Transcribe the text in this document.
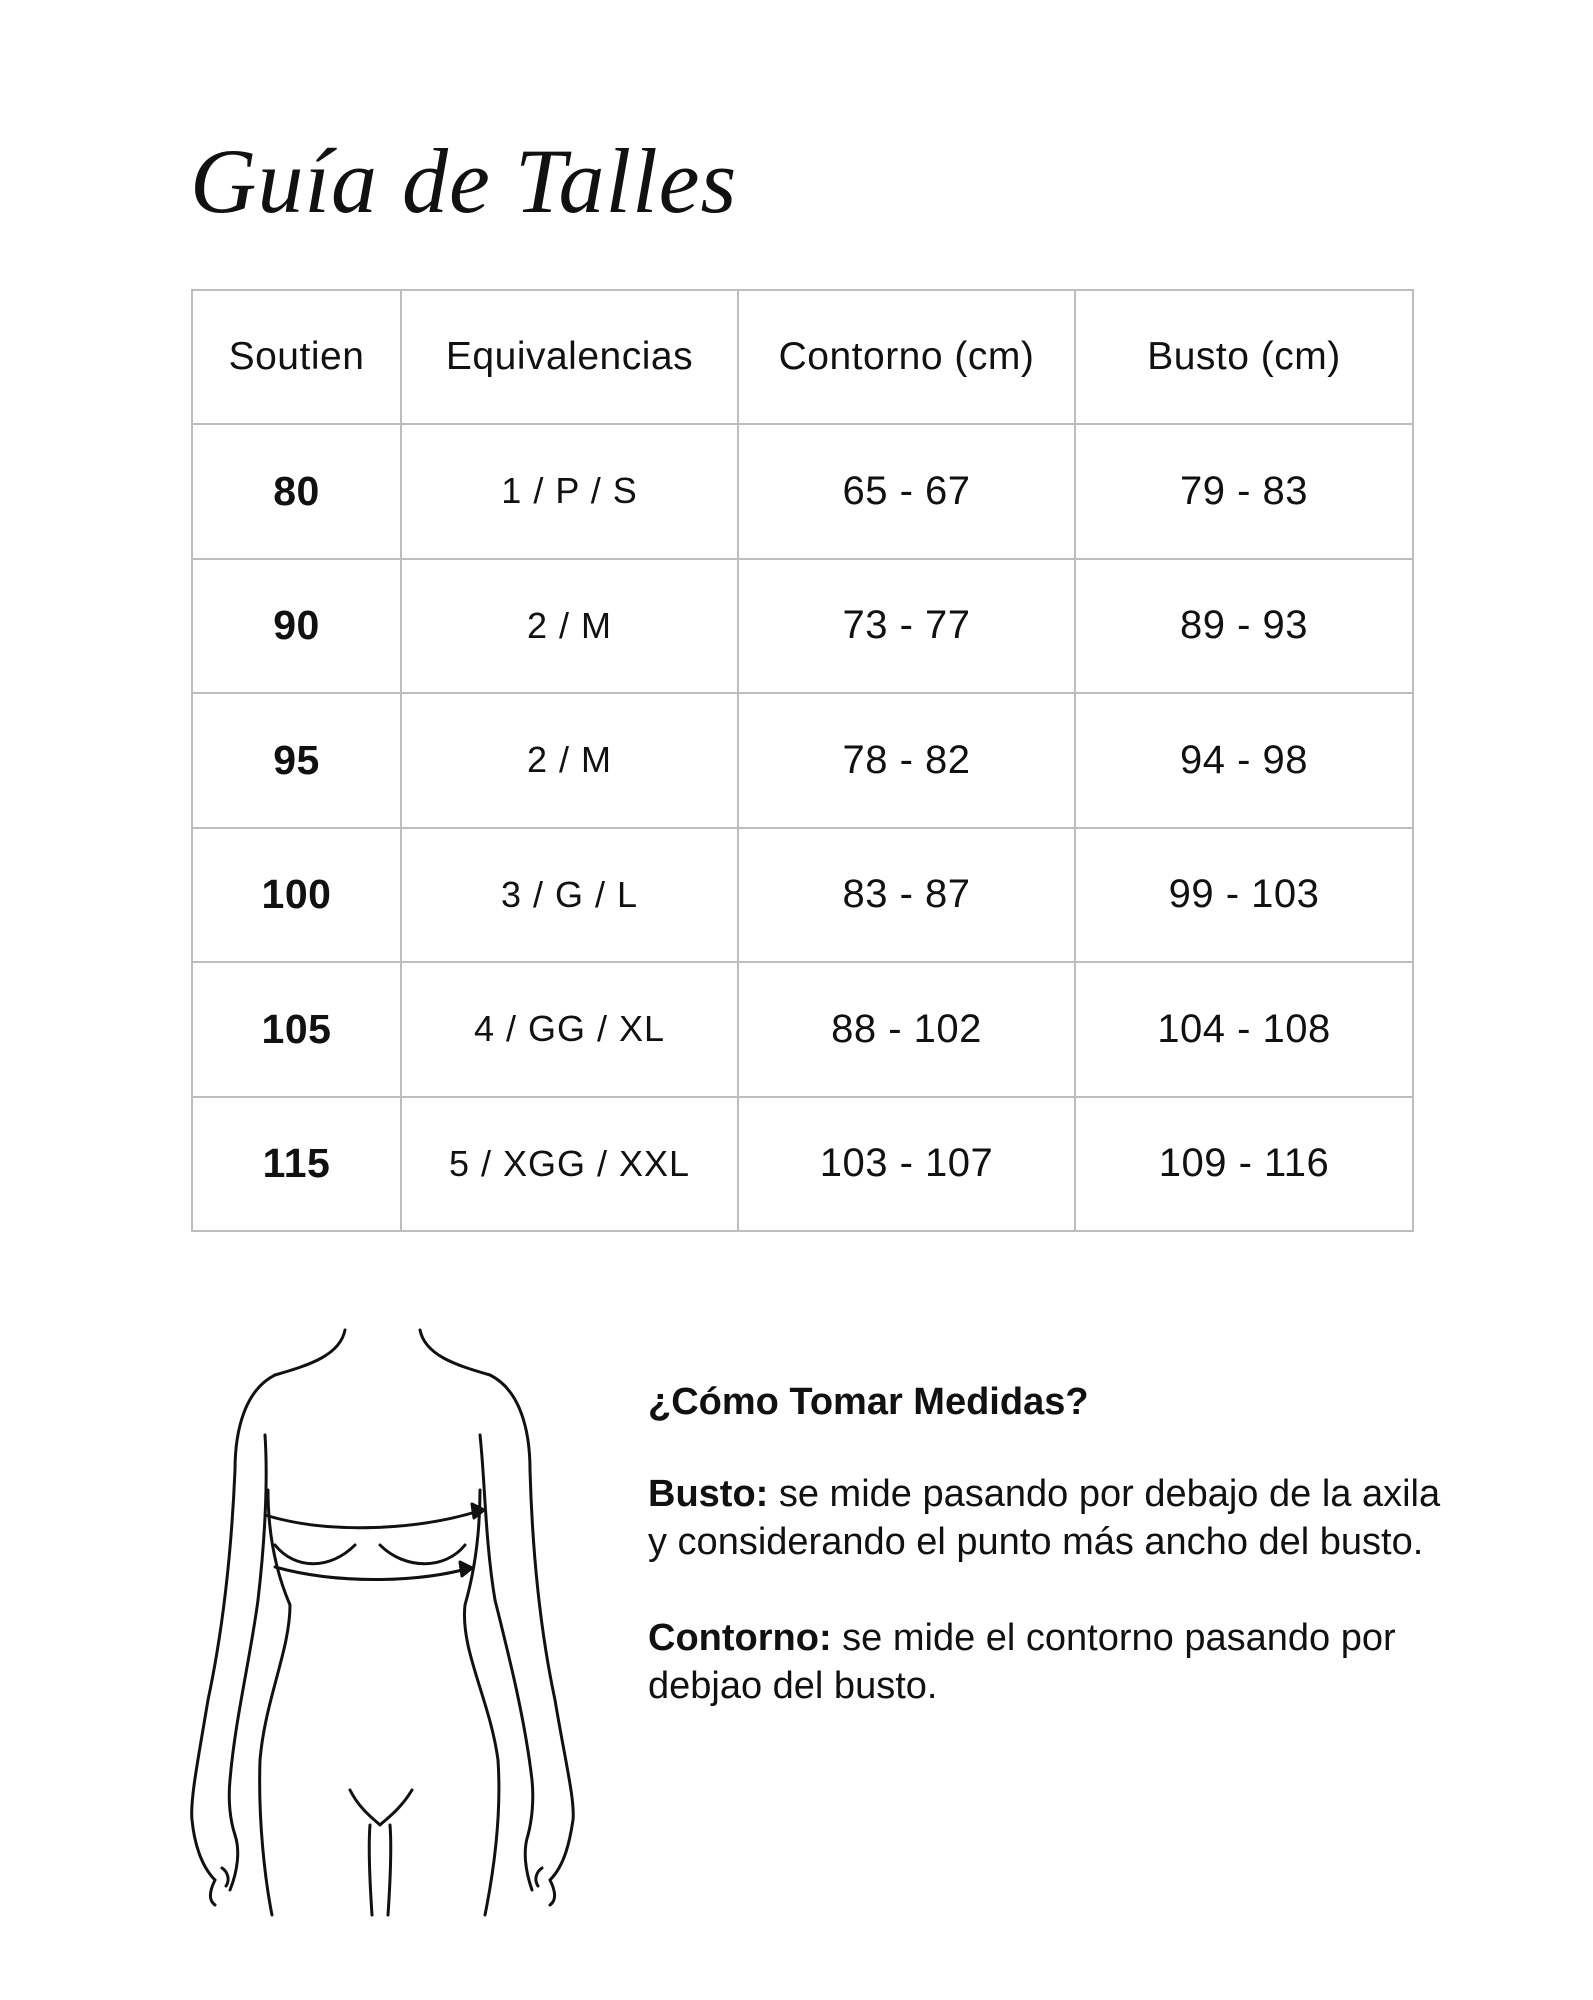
Guía de Talles
Soutien	Equivalencias	Contorno (cm)	Busto (cm)
80	1 / P / S	65 - 67	79 - 83
90	2 / M	73 - 77	89 - 93
95	2 / M	78 - 82	94 - 98
100	3 / G / L	83 - 87	99 - 103
105	4 / GG / XL	88 - 102	104 - 108
115	5 / XGG / XXL	103 - 107	109 - 116
¿Cómo Tomar Medidas?

Busto: se mide pasando por debajo de la axila y considerando el punto más ancho del busto.

Contorno: se mide el contorno pasando por debjao del busto.
